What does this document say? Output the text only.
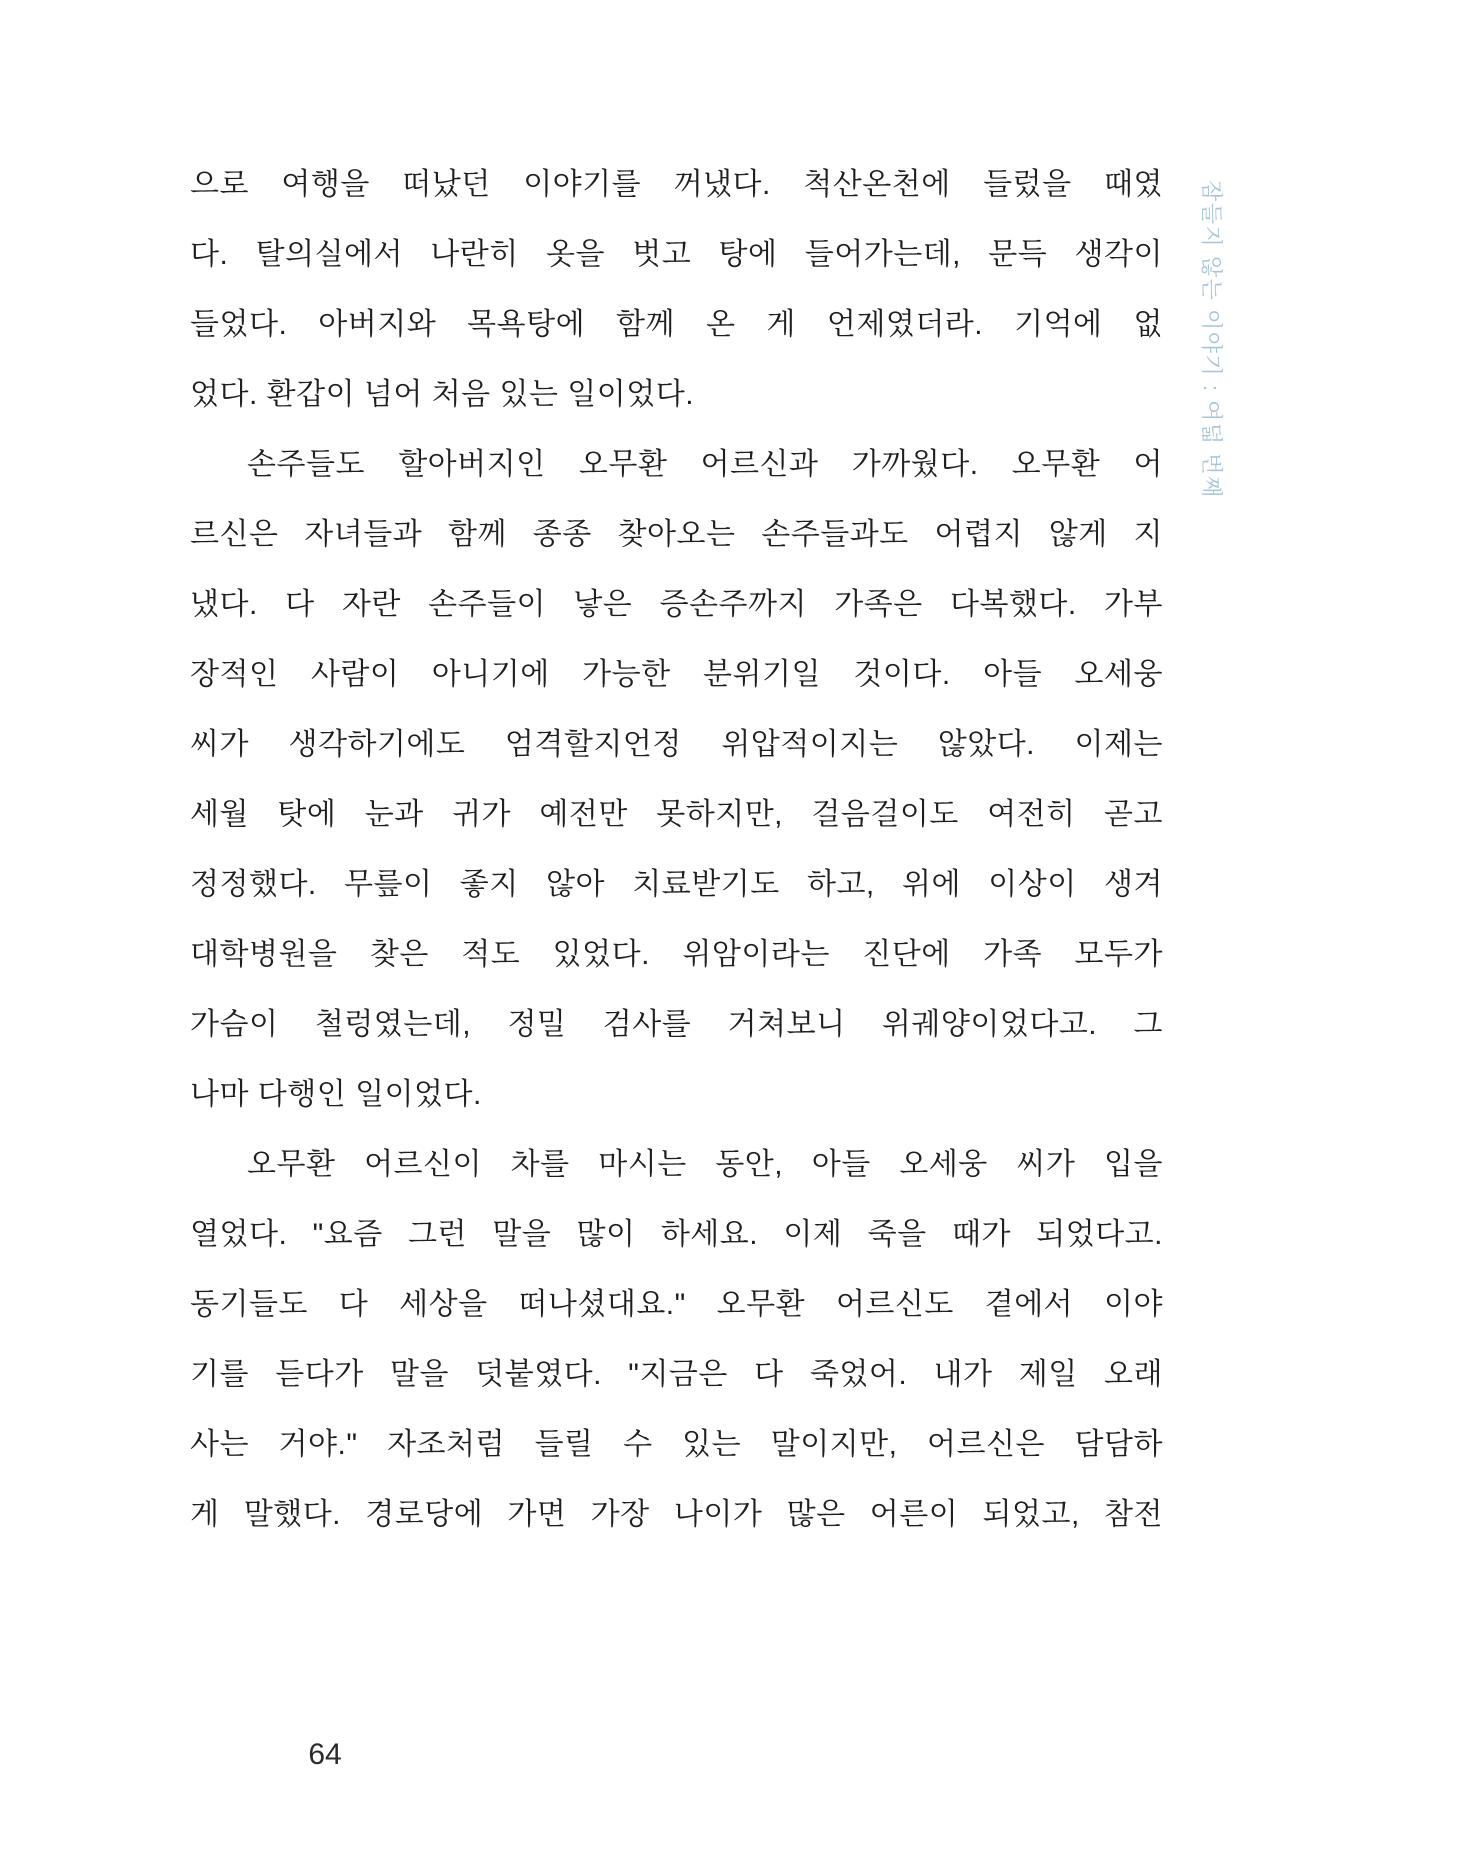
으로 여행을 떠났던 이야기를 꺼냈다. 척산온천에 들렀을 때였
다. 탈의실에서 나란히 옷을 벗고 탕에 들어가는데, 문득 생각이
들었다. 아버지와 목욕탕에 함께 온 게 언제였더라. 기억에 없
었다. 환갑이 넘어 처음 있는 일이었다.
손주들도 할아버지인 오무환 어르신과 가까웠다. 오무환 어
르신은 자녀들과 함께 종종 찾아오는 손주들과도 어렵지 않게 지
냈다. 다 자란 손주들이 낳은 증손주까지 가족은 다복했다. 가부
장적인 사람이 아니기에 가능한 분위기일 것이다. 아들 오세웅
씨가 생각하기에도 엄격할지언정 위압적이지는 않았다. 이제는
세월 탓에 눈과 귀가 예전만 못하지만, 걸음걸이도 여전히 곧고
정정했다. 무릎이 좋지 않아 치료받기도 하고, 위에 이상이 생겨
대학병원을 찾은 적도 있었다. 위암이라는 진단에 가족 모두가
가슴이 철렁였는데, 정밀 검사를 거쳐보니 위궤양이었다고. 그
나마 다행인 일이었다.
오무환 어르신이 차를 마시는 동안, 아들 오세웅 씨가 입을
열었다. "요즘 그런 말을 많이 하세요. 이제 죽을 때가 되었다고.
동기들도 다 세상을 떠나셨대요." 오무환 어르신도 곁에서 이야
기를 듣다가 말을 덧붙였다. "지금은 다 죽었어. 내가 제일 오래
사는 거야." 자조처럼 들릴 수 있는 말이지만, 어르신은 담담하
게 말했다. 경로당에 가면 가장 나이가 많은 어른이 되었고, 참전
잠들지 않는 이야기 : 여덟 번째
64
